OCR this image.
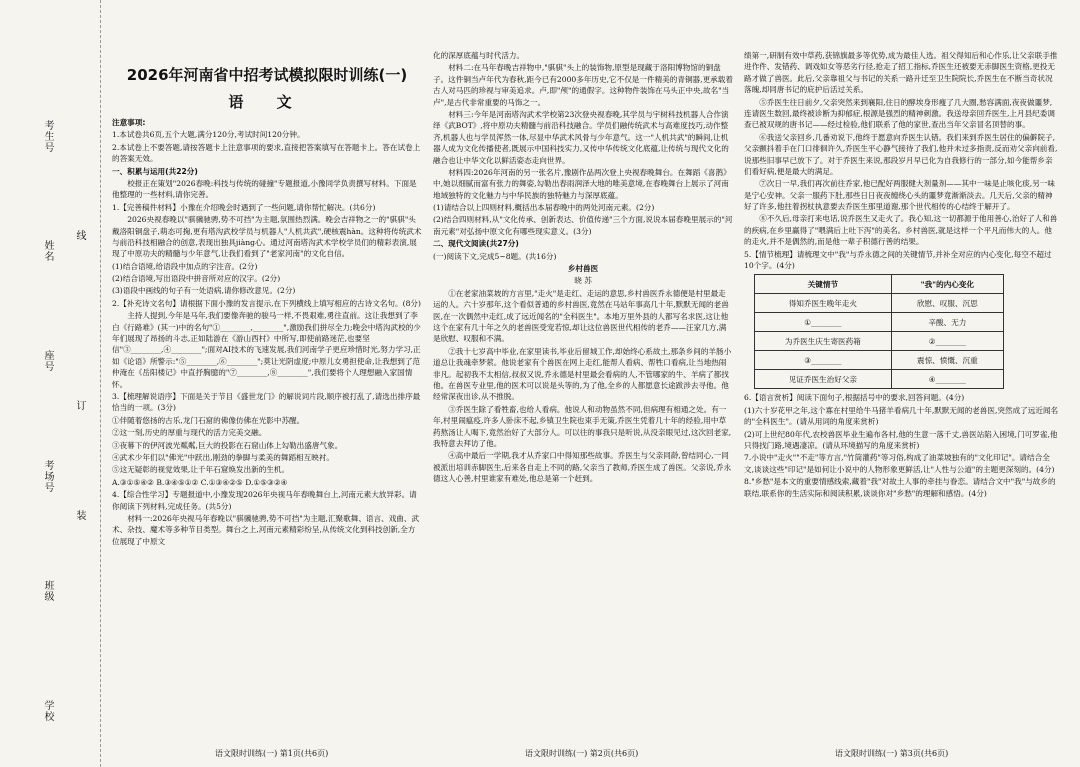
考生号
姓名
座号
考场号
班级
学校
线
订
装
2026年河南省中招考试模拟限时训练(一)
语 文

注意事项:

1.本试卷共6页,五个大题,满分120分,考试时间120分钟。

2.本试卷上不要答题,请按答题卡上注意事项的要求,直接把答案填写在答题卡上。答在试卷上的答案无效。

一、积累与运用(共22分)

校报正在策划"2026春晚:科技与传统的碰撞"专题报道,小豫同学负责撰写材料。下面是他整理的一些材料,请你完善。

1.【完善稿件材料】小豫在介绍晚会时遇到了一些问题,请你帮忙解决。(共6分)

2026央视春晚以"骐骥驰骋,势不可挡"为主题,氛围热烈满。晚会吉祥物之一的"骐骐"头戴洛阳铜盘子,萌态可掬,更有塔沟武校学员与机器人"人机共武",硬核震hàn。这种将传统武术与前沿科技相融合的创意,表现出独具jiàng心。通过河南塔沟武术学校学员们的精彩表演,展现了中原功夫的精髓与少年意气,让我们看到了"老家河南"的文化自信。

(1)结合语境,给语段中加点的字注音。(2分)

(2)结合语境,写出语段中拼音所对应的汉字。(2分)

(3)语段中画线的句子有一处语病,请你修改意见。(2分)

2.【补充诗文名句】请根据下面小豫的发言提示,在下列横线上填写相应的古诗文名句。(8分)

主持人提到,今年是马年,我们要像奔驰的骏马一样,不畏艰难,勇往直前。这让我想到了李白《行路难》(其一)中的名句"①________,________",激励我们拼尽全力;晚会中塔沟武校的少年们展现了昂扬的斗志,正如陆游在《游山西村》中所写,即使前路迷茫,也要坚信"③________,④________";面对AI技术的飞速发展,我们河南学子更应珍惜时光,努力学习,正如《论语》所警示:"⑤________,⑥________";莫让光阴虚度;中原儿女勇担使命,让我想到了范仲淹在《岳阳楼记》中直抒胸臆的"⑦________,⑧________",我们要将个人理想融入家国情怀。

3.【梳理解说语序】下面是关于节目《盛世龙门》的解说词片段,顺序被打乱了,请选出排序最恰当的一项。(3分)

①伴随着悠扬的古乐,龙门石窟的佛像仿佛在光影中苏醒。

②这一刻,历史的厚重与现代的活力完美交融。

③夜幕下的伊河波光粼粼,巨大的投影在石窟山体上勾勒出盛唐气象。

④武术少年们以"佛光"中跃出,刚劲的拳脚与柔美的舞蹈相互映衬。

⑤这无疑彰的视觉效果,让千年石窟焕发出新的生机。

A.③①⑤④② B.③④⑤①② C.①③④②⑤ D.①⑤③②④

4.【综合性学习】专题报道中,小豫发现2026年央视马年春晚舞台上,河南元素大放异彩。请你阅读下列材料,完成任务。(共5分)

材料一:2026年央视马年春晚以"骐骥驰骋,势不可挡"为主题,汇聚歌舞、语言、戏曲、武术、杂技、魔术等多种节目类型。舞台之上,河南元素精彩纷呈,从传统文化到科技创新,全方位展现了中原文

化的深厚底蕴与时代活力。

材料二:在马年春晚吉祥物中,"骐骐"头上的装饰物,原型是现藏于洛阳博物馆的铜盘子。这件铜当卢年代为春秋,距今已有2000多年历史,它不仅是一件精美的青铜器,更承载着古人对马匹的珍视与审美追求。卢,即"颅"的通假字。这种物件装饰在马头正中央,故名"当卢",是古代非常重要的马饰之一。

材料三:今年是河南塔沟武术学校第23次登央视春晚,其学员与宇树科技机器人合作演绎《武BOT》,将中原功夫精髓与前沿科技融合。学员们融传统武术与高难度技巧,动作整齐,机器人也与学员浑然一体,尽显中华武术风骨与少年意气。这一"人机共武"的瞬间,让机器人成为文化传播使者,既展示中国科技实力,又传中华传统文化底蕴,让传统与现代文化的融合也让中华文化以鲜活姿态走向世界。

材料四:2026年河南的另一张名片,豫剧作品两次登上央视春晚舞台。在舞蹈《喜鹊》中,她以细腻而富有张力的舞姿,勾勒出春雨润泽大地的唯美意境,在春晚舞台上展示了河南地域独特的文化魅力与中华民族的独特魅力与深厚底蕴。

(1)请结合以上四则材料,概括出本届春晚中的两处河南元素。(2分)

(2)结合四则材料,从"文化传承、创新表达、价值传递"三个方面,说说本届春晚里展示的"河南元素"对弘扬中原文化有哪些现实意义。(3分)

二、现代文阅读(共27分)

(一)阅读下文,完成5~8题。(共16分)

乡村兽医

晓 苏

①在老家油菜坡的方言里,"走火"是走红、走运的意思,乡村兽医乔永德便是村里最走运的人。六十岁那年,这个看似普通的乡村兽医,竟然在马站年事高几十年,默默无闻的老兽医,在一次偶然中走红,成了远近闻名的"全科医生"。本地万里外县的人都写名求医,这让他这个在家有几十年之久的老兽医受宠若惊,却让这位兽医世代相传的老乔——汪家几方,满是欣慰、叹服和不满。

②我十七岁高中毕业,在家里读书,毕业后留城工作,却始终心系故土,那条乡间的羊肠小道总让我魂牵梦萦。他说老家有个兽医在网上走红,能帮人看病、帮牲口看病,让当地热闹非凡。起初我不太相信,叔叔又说,乔永德是村里最会看病的人,不管哪家的牛、羊病了都找他。在兽医专业里,他的医术可以说是头等的,为了他,全乡的人都愿意长途跋涉去寻他。他经常深夜出诊,从不推脱。

③乔医生除了看牲畜,也给人看病。他说人和动物虽然不同,但病理有相通之处。有一年,村里闹瘟疫,许多人卧床不起,乡镇卫生院也束手无策,乔医生凭着几十年的经验,用中草药熬汤让人喝下,竟然治好了大部分人。可以往的事我只是听说,从没亲眼见过,这次回老家,我特意去拜访了他。

④高中最后一学期,我才从乔家口中得知那些故事。乔医生与父亲同龄,曾结同心,一同被派出培训赤脚医生,后来各自走上不同的路,父亲当了教师,乔医生成了兽医。父亲说,乔永德这人心善,村里谁家有难处,他总是第一个赶到。

绩第一,研制有效中草药,获锦旗最多等优势,成为最佳人选。祖父得知后和心作乐,让父亲联手推进作件、发错药、调戏如女等恶劣行径,抢走了招工指标,乔医生还被要无赤脚医生资格,更投无路才做了兽医。此后,父亲靠祖父与书记的关系一路升迁至卫生院院长,乔医生在不断当奇状况落魄,却同唐书记的庇护后活过关系。

⑤乔医生往日前夕,父亲突然来到襄阳,住日的酵埃身形瘦了几大圈,愁容满面,夜夜做噩梦,连请医生数回,最终被诊断为抑郁症,根源是强烈的精神刺激。我送母亲回乔医生,上月县纪委调查已被双规的唐书记——经过检验,他们联系了他的家世,查出当年父亲冒名顶替的事。

⑥我送父亲回乡,几番劝说下,他终于愿意向乔医生认错。我们来到乔医生居住的偏僻院子,父亲颤抖着手在门口徘徊许久,乔医生平心静气接待了我们,他并未过多指责,反而劝父亲向前看,说那些旧事早已放下了。对于乔医生来说,那段岁月早已化为自我修行的一部分,如今能帮乡亲们看好病,便是最大的满足。

⑦次日一早,我们再次前往乔家,他已配好两服健大剂量剂——其中一味是止咳化痰,另一味是宁心安神。父亲一服药下肚,那些日日夜夜缠绕心头的噩梦竟渐渐淡去。几天后,父亲的精神好了许多,他拄着拐杖执意要去乔医生那里道谢,那个世代相传的心结终于解开了。

⑧不久后,母亲打来电话,说乔医生又走火了。我心知,这一切都源于他用善心,治好了人和兽的疾病,在乡里赢得了"喂满后上吐下泻"的美名。乡村兽医,就是这样一个平凡而伟大的人。他的走火,并不是偶然的,而是他一辈子积德行善的结果。

5.【情节梳理】请梳理文中"我"与乔永德之间的关键情节,并补全对应的内心变化,每空不超过10个字。(4分)

关键情节	"我"的内心变化
得知乔医生晚年走火	欣慰、叹服、沉思
①________	辛酸、无力
为乔医生庆生寄医药箱	②________
③________	震惊、愤慨、沉重
见证乔医生治好父亲	④________

6.【语言赏析】阅读下面句子,根据括号中的要求,回答问题。(4分)

(1)六十岁花甲之年,这个寡在村里给牛马猪羊看病几十年,默默无闻的老兽医,突然成了远近闻名的"全科医生"。(请从用词的角度来赏析)

(2)可上世纪80年代,农校兽医毕业生遍布各村,他的生意一落千丈,兽医站陷入困境,门可罗雀,他只得找门路,境遇凄凉。(请从环境描写的角度来赏析)

7.小说中"走火""不走"等方言,"竹筒灌药"等习俗,构成了油菜坡独有的"文化印记"。请结合全文,谈谈这些"印记"是如何让小说中的人物形象更鲜活,让"人性与公道"的主题更深刻的。(4分)

8."乡愁"是本文的重要情感线索,藏着"我"对故土人事的牵挂与眷恋。请结合文中"我"与故乡的联结,联系你的生活实际和阅读积累,谈谈你对"乡愁"的理解和感悟。(4分)

语文限时训练(一) 第1页(共6页)	语文限时训练(一) 第2页(共6页)	语文限时训练(一) 第3页(共6页)
